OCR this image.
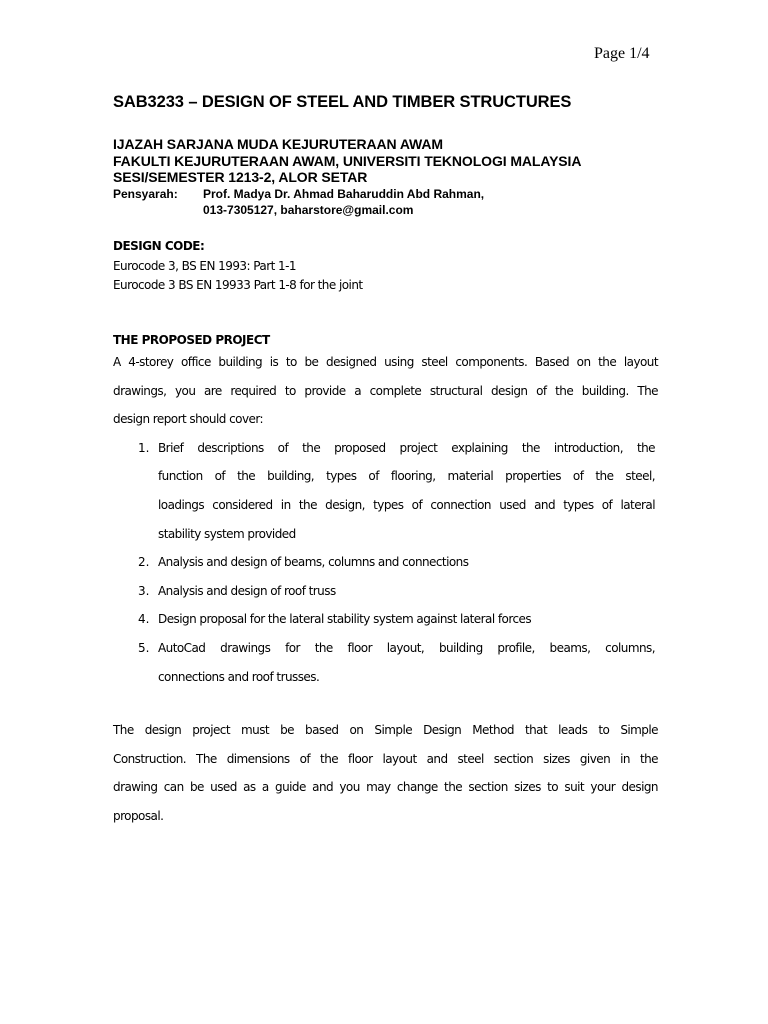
Page 1/4
SAB3233 – DESIGN OF STEEL AND TIMBER STRUCTURES
IJAZAH SARJANA MUDA KEJURUTERAAN AWAM
FAKULTI KEJURUTERAAN AWAM, UNIVERSITI TEKNOLOGI MALAYSIA
SESI/SEMESTER 1213-2, ALOR SETAR
Pensyarah:	Prof. Madya Dr. Ahmad Baharuddin Abd Rahman,
013-7305127, baharstore@gmail.com
DESIGN CODE:
Eurocode 3, BS EN 1993: Part 1-1
Eurocode 3 BS EN 19933 Part 1-8 for the joint
THE PROPOSED PROJECT
A 4-storey office building is to be designed using steel components. Based on the layout
drawings, you are required to provide a complete structural design of the building. The
design report should cover:
1. Brief descriptions of the proposed project explaining the introduction, the
function of the building, types of flooring, material properties of the steel,
loadings considered in the design, types of connection used and types of lateral
stability system provided
2. Analysis and design of beams, columns and connections
3. Analysis and design of roof truss
4. Design proposal for the lateral stability system against lateral forces
5. AutoCad drawings for the floor layout, building profile, beams, columns,
connections and roof trusses.
The design project must be based on Simple Design Method that leads to Simple
Construction. The dimensions of the floor layout and steel section sizes given in the
drawing can be used as a guide and you may change the section sizes to suit your design
proposal.
